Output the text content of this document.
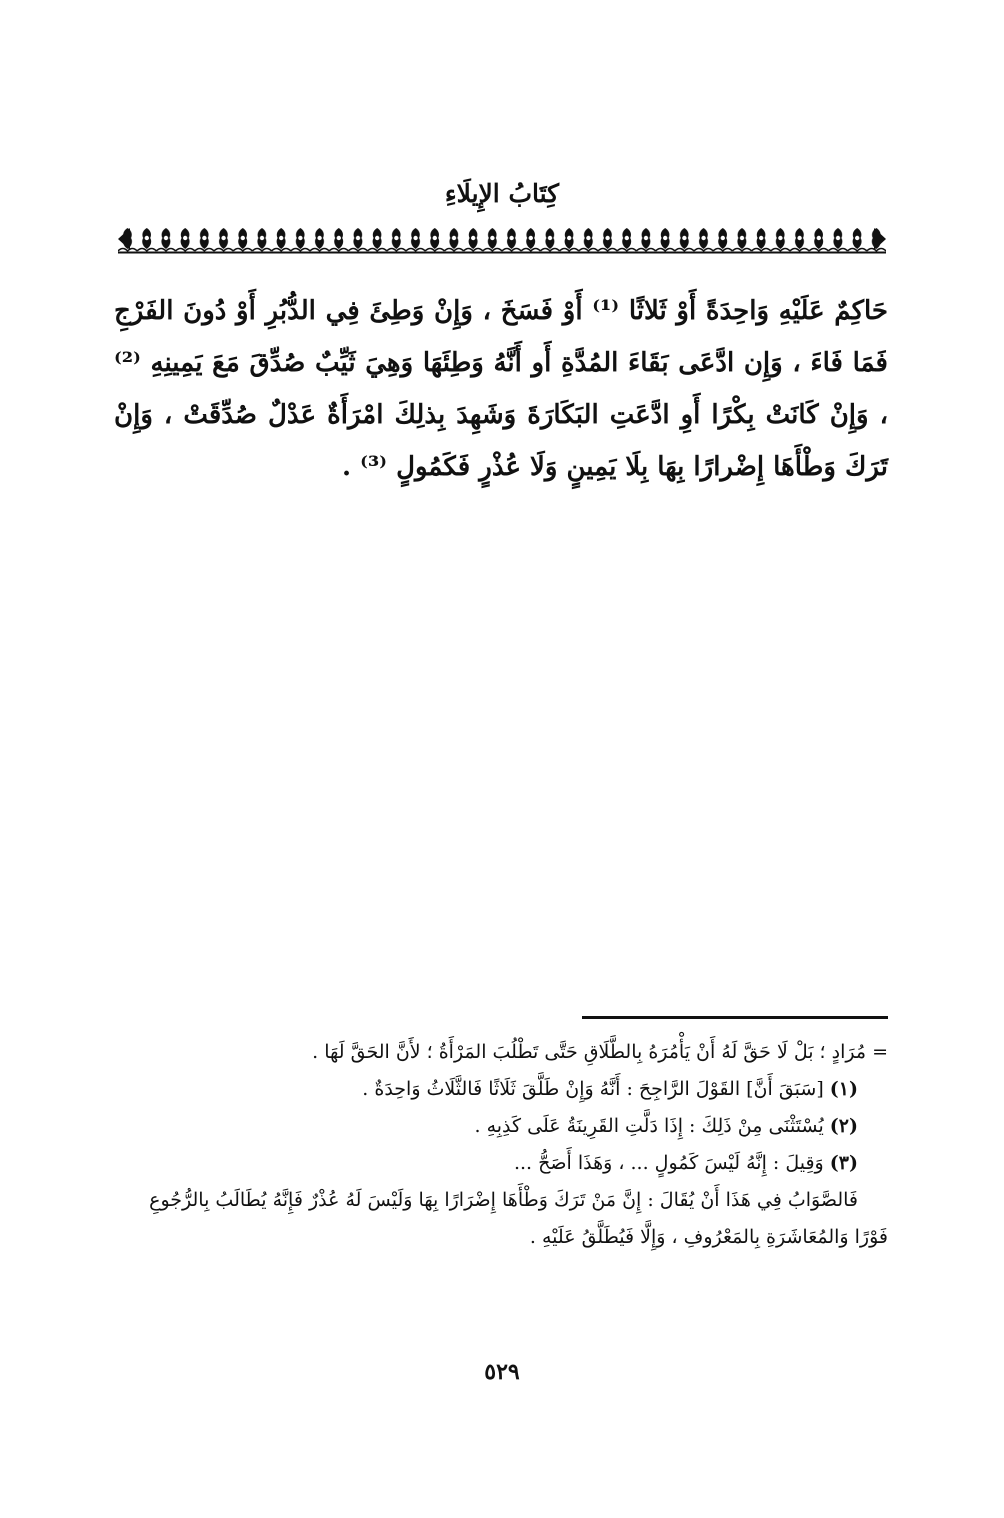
كِتَابُ الإِيلَاءِ

حَاكِمٌ عَلَيْهِ وَاحِدَةً أَوْ ثَلاثًا ⁽¹⁾ أَوْ فَسَخَ ، وَإِنْ وَطِئَ فِي الدُّبُرِ أَوْ دُونَ الفَرْجِ فَمَا فَاءَ ، وَإِن ادَّعَى بَقَاءَ المُدَّةِ أَو أَنَّهُ وَطِئَهَا وَهِيَ ثَيِّبٌ صُدِّقَ مَعَ يَمِينِهِ ⁽²⁾ ، وَإِنْ كَانَتْ بِكْرًا أَوِ ادَّعَتِ البَكَارَةَ وَشَهِدَ بِذلِكَ امْرَأَةٌ عَدْلٌ صُدِّقَتْ ، وَإِنْ تَرَكَ وَطْأَهَا إِضْرارًا بِهَا بِلَا يَمِينٍ وَلَا عُذْرٍ فَكَمُولٍ ⁽³⁾ .

= مُرَادٍ ؛ بَلْ لَا حَقَّ لَهُ أَنْ يَأْمُرَهُ بِالطَّلَاقِ حَتَّى تَطْلُبَ المَرْأَةُ ؛ لأَنَّ الحَقَّ لَهَا .

(١) [سَبَقَ أَنَّ] القَوْلَ الرَّاجِحَ : أَنَّهُ وَإِنْ طَلَّقَ ثَلَاثًا فَالثَّلَاثُ وَاحِدَةٌ .

(٢) يُسْتَثْنَى مِنْ ذَلِكَ : إِذَا دَلَّتِ القَرِينَةُ عَلَى كَذِبِهِ .

(٣) وَقِيلَ : إِنَّهُ لَيْسَ كَمُولٍ ... ، وَهَذَا أَصَحُّ ...

فَالصَّوَابُ فِي هَذَا أَنْ يُقَالَ : إِنَّ مَنْ تَرَكَ وَطْأَهَا إِضْرَارًا بِهَا وَلَيْسَ لَهُ عُذْرٌ فَإِنَّهُ يُطَالَبُ بِالرُّجُوعِ

فَوْرًا وَالمُعَاشَرَةِ بِالمَعْرُوفِ ، وَإِلَّا فَيُطَلَّقُ عَلَيْهِ .

٥٢٩
